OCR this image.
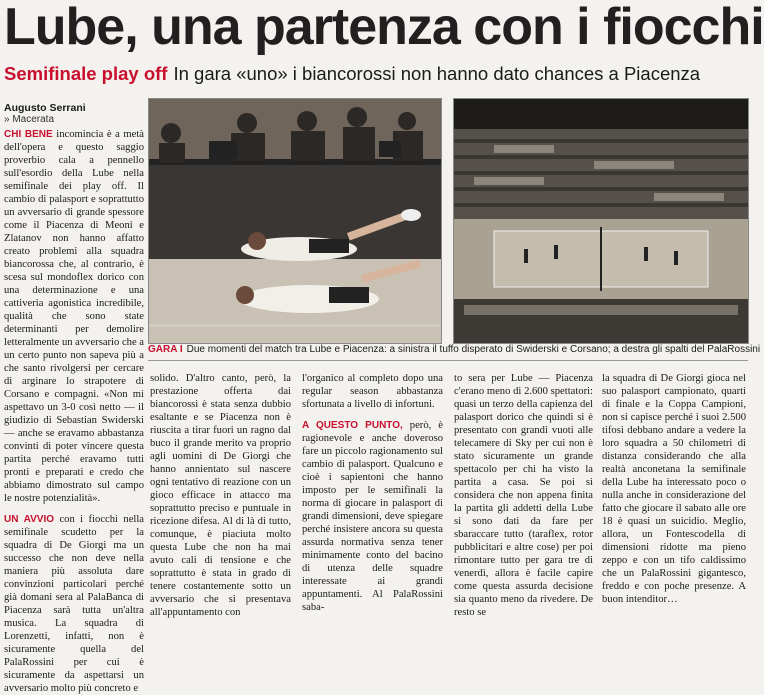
Lube, una partenza con i fiocchi
Semifinale play off In gara «uno» i biancorossi non hanno dato chances a Piacenza
Augusto Serrani
» Macerata

CHI BENE incomincia è a metà dell'opera e questo saggio proverbio cala a pennello sull'esordio della Lube nella semifinale dei play off. Il cambio di palasport e soprattutto un avversario di grande spessore come il Piacenza di Meoni e Zlatanov non hanno affatto creato problemi alla squadra biancorossa che, al contrario, è scesa sul mondoflex dorico con una determinazione e una cattiveria agonistica incredibile, qualità che sono state determinanti per demolire letteralmente un avversario che a un certo punto non sapeva più a che santo rivolgersi per cercare di arginare lo strapotere di Corsano e compagni. «Non mi aspettavo un 3-0 così netto — il giudizio di Sebastian Swiderski — anche se eravamo abbastanza convinti di poter vincere questa partita perché eravamo tutti pronti e preparati e credo che abbiamo dimostrato sul campo le nostre potenzialità».

UN AVVIO con i fiocchi nella semifinale scudetto per la squadra di De Giorgi ma un successo che non deve nella maniera più assoluta dare convinzioni particolari perché già domani sera al PalaBanca di Piacenza sarà tutta un'altra musica. La squadra di Lorenzetti, infatti, non è sicuramente quella del PalaRossini per cui è sicuramente da aspettarsi un avversario molto più concreto e

GARA I Due momenti del match tra Lube e Piacenza: a sinistra il tuffo disperato di Swiderski e Corsano; a destra gli spalti del PalaRossini

solido. D'altro canto, però, la prestazione offerta dai biancorossi è stata senza dubbio esaltante e se Piacenza non è riuscita a tirar fuori un ragno dal buco il grande merito va proprio agli uomini di De Giorgi che hanno annientato sul nascere ogni tentativo di reazione con un gioco efficace in attacco ma soprattutto preciso e puntuale in ricezione difesa. Al di là di tutto, comunque, è piaciuta molto questa Lube che non ha mai avuto cali di tensione e che soprattutto è stata in grado di tenere costantemente sotto un avversario che si presentava all'appuntamento con

l'organico al completo dopo una regular season abbastanza sfortunata a livello di infortuni.

A QUESTO PUNTO, però, è ragionevole e anche doveroso fare un piccolo ragionamento sul cambio di palasport. Qualcuno e cioè i sapientoni che hanno imposto per le semifinali la norma di giocare in palasport di grandi dimensioni, deve spiegare perché insistere ancora su questa assurda normativa senza tener minimamente conto del bacino di utenza delle squadre interessate ai grandi appuntamenti. Al PalaRossini saba-

to sera per Lube — Piacenza c'erano meno di 2.600 spettatori: quasi un terzo della capienza del palasport dorico che quindi si è presentato con grandi vuoti alle telecamere di Sky per cui non è stato sicuramente un grande spettacolo per chi ha visto la partita a casa. Se poi si considera che non appena finita la partita gli addetti della Lube si sono dati da fare per sbaraccare tutto (taraflex, rotor pubblicitari e altre cose) per poi rimontare tutto per gara tre di venerdì, allora è facile capire come questa assurda decisione sia quanto meno da rivedere. De resto se

la squadra di De Giorgi gioca nel suo palasport campionato, quarti di finale e la Coppa Campioni, non si capisce perché i suoi 2.500 tifosi debbano andare a vedere la loro squadra a 50 chilometri di distanza considerando che alla realtà anconetana la semifinale della Lube ha interessato poco o nulla anche in considerazione del fatto che giocare il sabato alle ore 18 è quasi un suicidio. Meglio, allora, un Fontescodella di dimensioni ridotte ma pieno zeppo e con un tifo caldissimo che un PalaRossini gigantesco, freddo e con poche presenze. A buon intenditor…
